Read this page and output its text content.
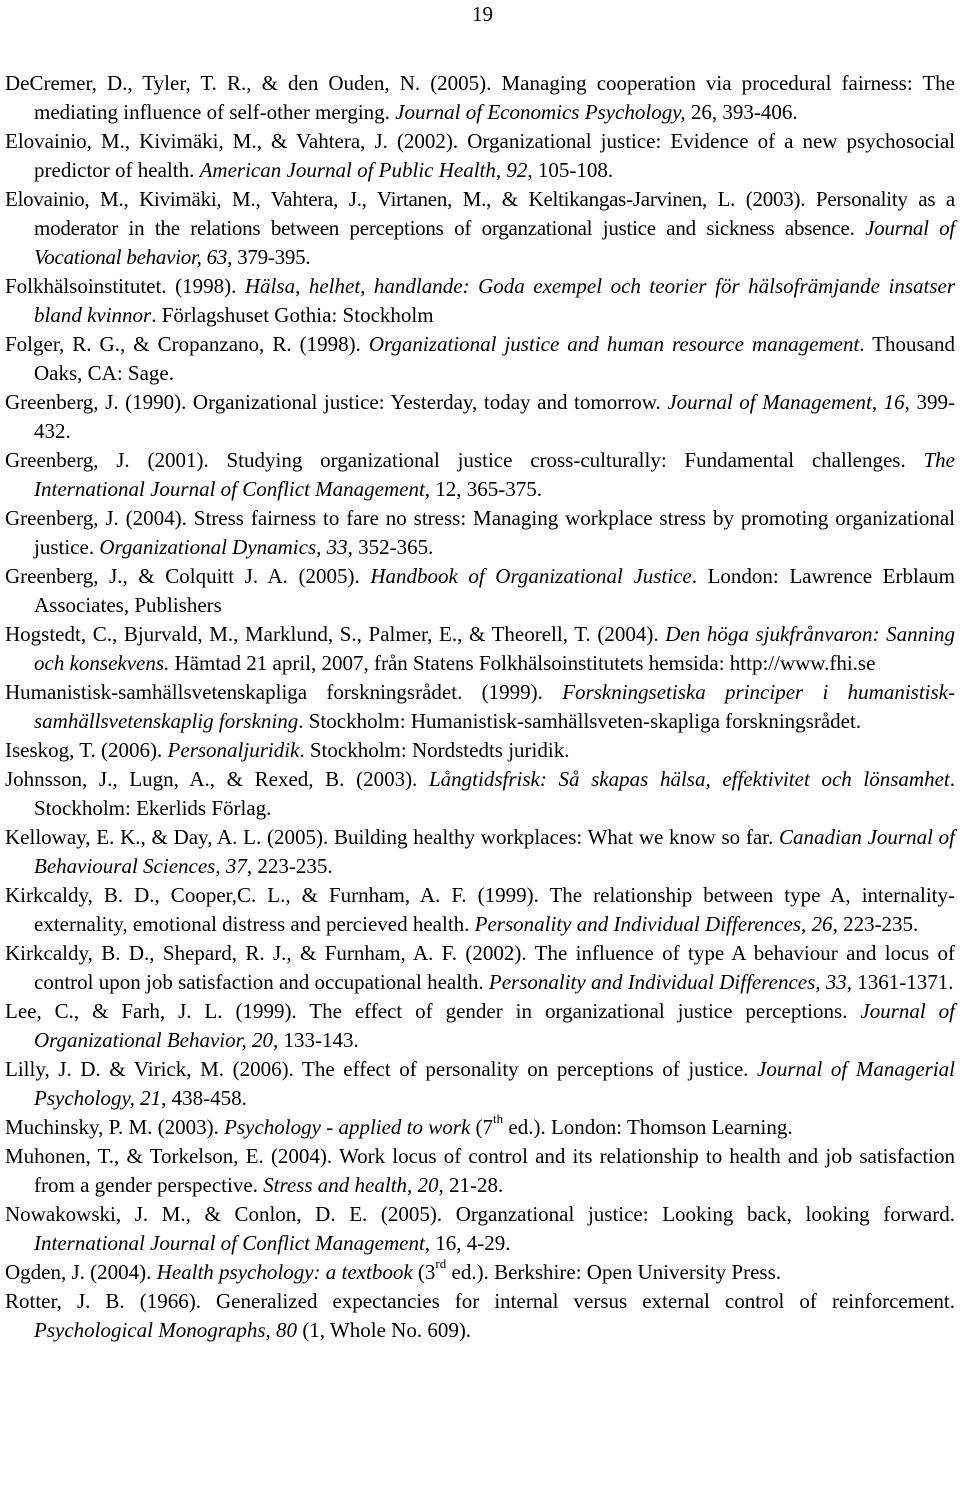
19

DeCremer, D., Tyler, T. R., & den Ouden, N. (2005). Managing cooperation via procedural fairness: The mediating influence of self-other merging. Journal of Economics Psychology, 26, 393-406.

Elovainio, M., Kivimäki, M., & Vahtera, J. (2002). Organizational justice: Evidence of a new psychosocial predictor of health. American Journal of Public Health, 92, 105-108.

Elovainio, M., Kivimäki, M., Vahtera, J., Virtanen, M., & Keltikangas-Jarvinen, L. (2003). Personality as a moderator in the relations between perceptions of organzational justice and sickness absence. Journal of Vocational behavior, 63, 379-395.

Folkhälsoinstitutet. (1998). Hälsa, helhet, handlande: Goda exempel och teorier för hälsofrämjande insatser bland kvinnor. Förlagshuset Gothia: Stockholm

Folger, R. G., & Cropanzano, R. (1998). Organizational justice and human resource management. Thousand Oaks, CA: Sage.

Greenberg, J. (1990). Organizational justice: Yesterday, today and tomorrow. Journal of Management, 16, 399-432.

Greenberg, J. (2001). Studying organizational justice cross-culturally: Fundamental challenges. The International Journal of Conflict Management, 12, 365-375.

Greenberg, J. (2004). Stress fairness to fare no stress: Managing workplace stress by promoting organizational justice. Organizational Dynamics, 33, 352-365.

Greenberg, J., & Colquitt J. A. (2005). Handbook of Organizational Justice. London: Lawrence Erblaum Associates, Publishers

Hogstedt, C., Bjurvald, M., Marklund, S., Palmer, E., & Theorell, T. (2004). Den höga sjukfrånvaron: Sanning och konsekvens. Hämtad 21 april, 2007, från Statens Folkhälsoinstitutets hemsida: http://www.fhi.se

Humanistisk-samhällsvetenskapliga forskningsrådet. (1999). Forskningsetiska principer i humanistisk-samhällsvetenskaplig forskning. Stockholm: Humanistisk-samhällsveten-skapliga forskningsrådet.

Iseskog, T. (2006). Personaljuridik. Stockholm: Nordstedts juridik.

Johnsson, J., Lugn, A., & Rexed, B. (2003). Långtidsfrisk: Så skapas hälsa, effektivitet och lönsamhet. Stockholm: Ekerlids Förlag.

Kelloway, E. K., & Day, A. L. (2005). Building healthy workplaces: What we know so far. Canadian Journal of Behavioural Sciences, 37, 223-235.

Kirkcaldy, B. D., Cooper,C. L., & Furnham, A. F. (1999). The relationship between type A, internality-externality, emotional distress and percieved health. Personality and Individual Differences, 26, 223-235.

Kirkcaldy, B. D., Shepard, R. J., & Furnham, A. F. (2002). The influence of type A behaviour and locus of control upon job satisfaction and occupational health. Personality and Individual Differences, 33, 1361-1371.

Lee, C., & Farh, J. L. (1999). The effect of gender in organizational justice perceptions. Journal of Organizational Behavior, 20, 133-143.

Lilly, J. D. & Virick, M. (2006). The effect of personality on perceptions of justice. Journal of Managerial Psychology, 21, 438-458.

Muchinsky, P. M. (2003). Psychology - applied to work (7th ed.). London: Thomson Learning.

Muhonen, T., & Torkelson, E. (2004). Work locus of control and its relationship to health and job satisfaction from a gender perspective. Stress and health, 20, 21-28.

Nowakowski, J. M., & Conlon, D. E. (2005). Organzational justice: Looking back, looking forward. International Journal of Conflict Management, 16, 4-29.

Ogden, J. (2004). Health psychology: a textbook (3rd ed.). Berkshire: Open University Press.

Rotter, J. B. (1966). Generalized expectancies for internal versus external control of reinforcement. Psychological Monographs, 80 (1, Whole No. 609).
